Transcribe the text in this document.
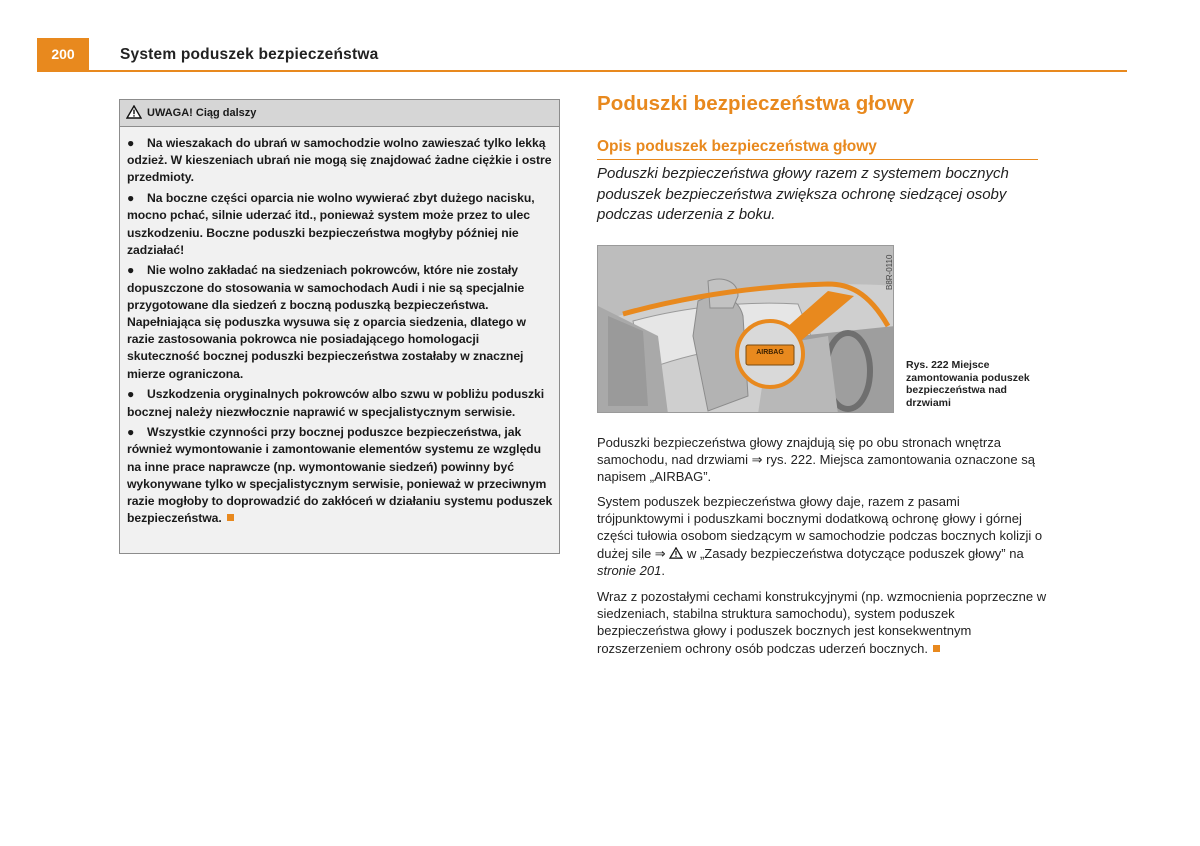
200	System poduszek bezpieczeństwa
UWAGA! Ciąg dalszy

● Na wieszakach do ubrań w samochodzie wolno zawieszać tylko lekką odzież. W kieszeniach ubrań nie mogą się znajdować żadne ciężkie i ostre przedmioty.

● Na boczne części oparcia nie wolno wywierać zbyt dużego nacisku, mocno pchać, silnie uderzać itd., ponieważ system może przez to ulec uszkodzeniu. Boczne poduszki bezpieczeństwa mogłyby później nie zadziałać!

● Nie wolno zakładać na siedzeniach pokrowców, które nie zostały dopuszczone do stosowania w samochodach Audi i nie są specjalnie przygotowane dla siedzeń z boczną poduszką bezpieczeństwa. Napełniająca się poduszka wysuwa się z oparcia siedzenia, dlatego w razie zastosowania pokrowca nie posiadającego homologacji skuteczność bocznej poduszki bezpieczeństwa zostałaby w znacznej mierze ograniczona.

● Uszkodzenia oryginalnych pokrowców albo szwu w pobliżu poduszki bocznej należy niezwłocznie naprawić w specjalistycznym serwisie.

● Wszystkie czynności przy bocznej poduszce bezpieczeństwa, jak również wymontowanie i zamontowanie elementów systemu ze względu na inne prace naprawcze (np. wymontowanie siedzeń) powinny być wykonywane tylko w specjalistycznym serwisie, ponieważ w przeciwnym razie mogłoby to doprowadzić do zakłóceń w działaniu systemu poduszek bezpieczeństwa.

Poduszki bezpieczeństwa głowy
Opis poduszek bezpieczeństwa głowy
Poduszki bezpieczeństwa głowy razem z systemem bocznych poduszek bezpieczeństwa zwiększa ochronę siedzącej osoby podczas uderzenia z boku.
AIRBAG
B8R-0110
Rys. 222 Miejsce zamontowania poduszek bezpieczeństwa nad drzwiami
Poduszki bezpieczeństwa głowy znajdują się po obu stronach wnętrza samochodu, nad drzwiami ⇒ rys. 222. Miejsca zamontowania oznaczone są napisem „AIRBAG”.
System poduszek bezpieczeństwa głowy daje, razem z pasami trójpunktowymi i poduszkami bocznymi dodatkową ochronę głowy i górnej części tułowia osobom siedzącym w samochodzie podczas bocznych kolizji o dużej sile ⇒ w „Zasady bezpieczeństwa dotyczące poduszek głowy” na stronie 201.
Wraz z pozostałymi cechami konstrukcyjnymi (np. wzmocnienia poprzeczne w siedzeniach, stabilna struktura samochodu), system poduszek bezpieczeństwa głowy i poduszek bocznych jest konsekwentnym rozszerzeniem ochrony osób podczas uderzeń bocznych.
